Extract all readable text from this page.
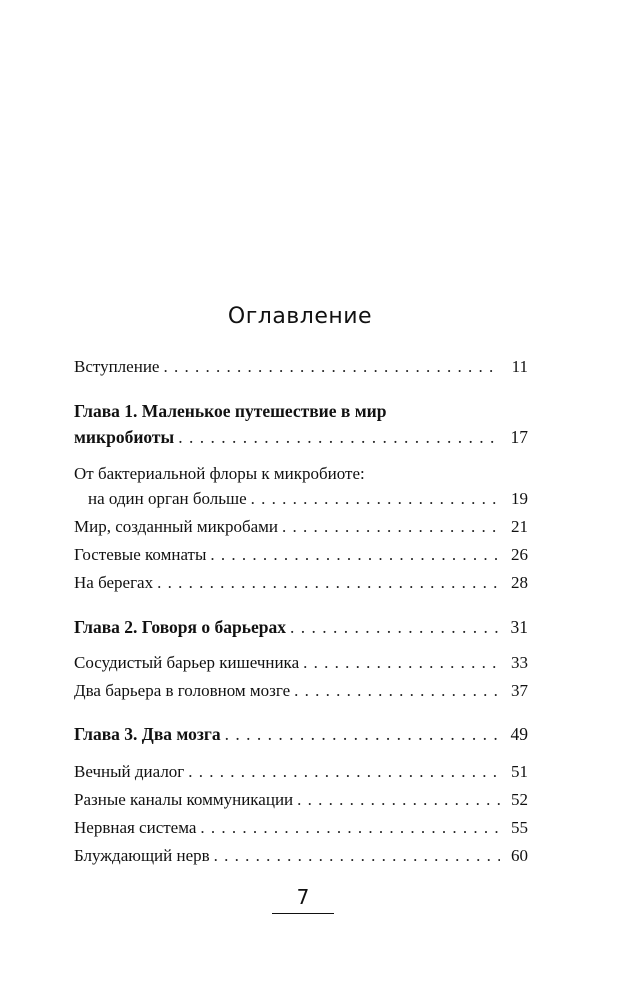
Оглавление
Вступление . . .	11
Глава 1. Маленькое путешествие в мир
микробиоты . . .	17
От бактериальной флоры к микробиоте:
на один орган больше . . .	19
Мир, созданный микробами . . .	21
Гостевые комнаты . . .	26
На берегах . . .	28
Глава 2. Говоря о барьерах . . .	31
Сосудистый барьер кишечника . . .	33
Два барьера в головном мозге . . .	37
Глава 3. Два мозга . . .	49
Вечный диалог . . .	51
Разные каналы коммуникации . . .	52
Нервная система . . .	55
Блуждающий нерв . . .	60
7
